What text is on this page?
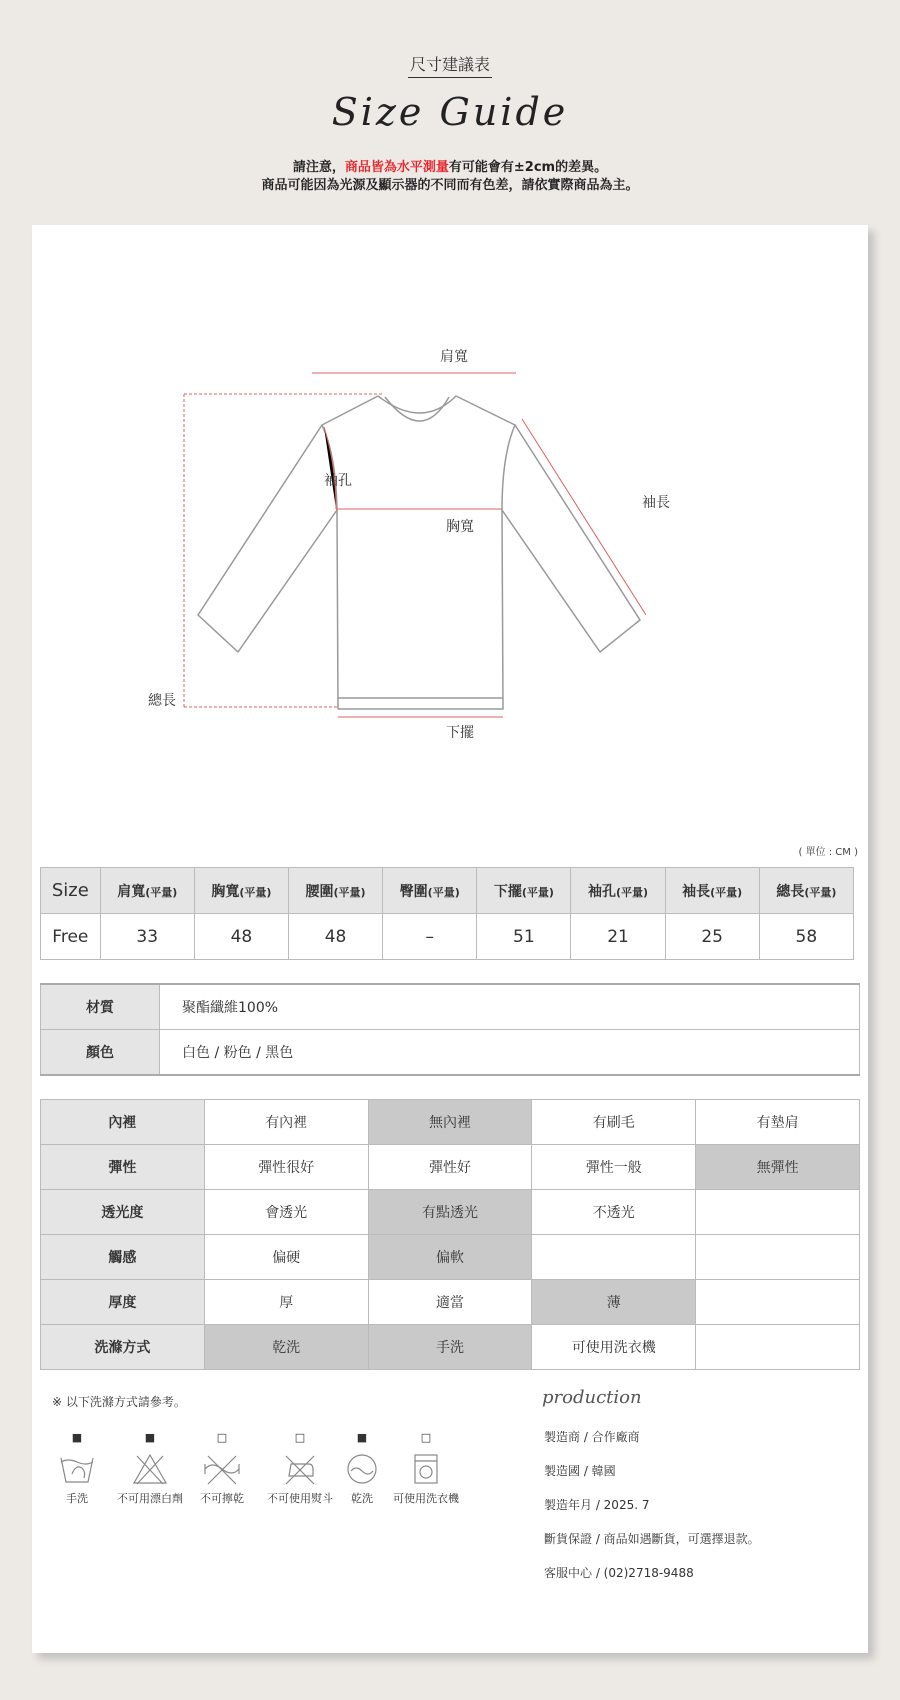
尺寸建議表
Size Guide
請注意，商品皆為水平測量有可能會有±2cm的差異。
商品可能因為光源及顯示器的不同而有色差，請依實際商品為主。
肩寬
袖孔
胸寬
袖長
總長
下擺
( 單位 : CM )
Size	肩寬(平量)	胸寬(平量)	腰圍(平量)	臀圍(平量)	下擺(平量)	袖孔(平量)	袖長(平量)	總長(平量)
Free	33	48	48	–	51	21	25	58
材質	聚酯纖維100%
顏色	白色 / 粉色 / 黑色
內裡	有內裡	無內裡	有刷毛	有墊肩
彈性	彈性很好	彈性好	彈性一般	無彈性
透光度	會透光	有點透光	不透光	
觸感	偏硬	偏軟		
厚度	厚	適當	薄	
洗滌方式	乾洗	手洗	可使用洗衣機	
※ 以下洗滌方式請參考。
■
手洗
■
不可用漂白劑
□
不可擰乾
□
不可使用熨斗
■
乾洗
□
可使用洗衣機
production
製造商 / 合作廠商
製造國 / 韓國
製造年月 / 2025. 7
斷貨保證 / 商品如遇斷貨，可選擇退款。
客服中心 / (02)2718-9488
